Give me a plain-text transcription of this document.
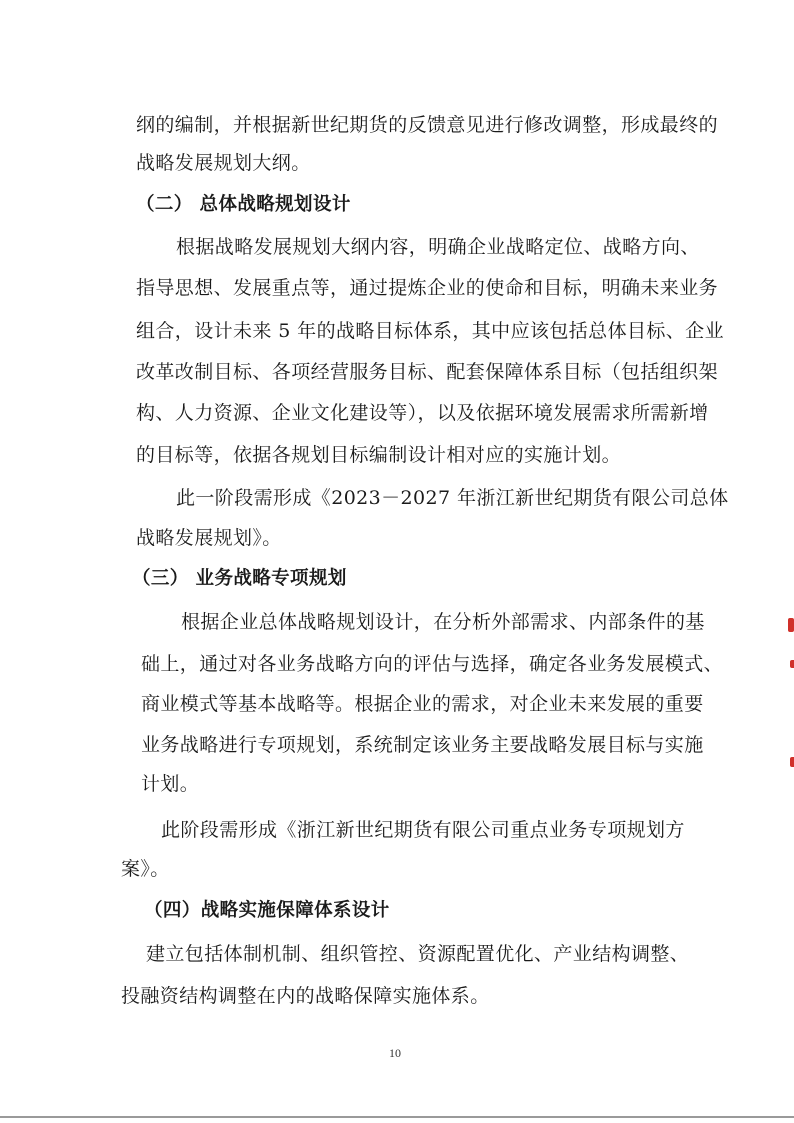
纲的编制，并根据新世纪期货的反馈意见进行修改调整，形成最终的
战略发展规划大纲。
（二） 总体战略规划设计
根据战略发展规划大纲内容，明确企业战略定位、战略方向、
指导思想、发展重点等，通过提炼企业的使命和目标，明确未来业务
组合，设计未来 5 年的战略目标体系，其中应该包括总体目标、企业
改革改制目标、各项经营服务目标、配套保障体系目标（包括组织架
构、人力资源、企业文化建设等），以及依据环境发展需求所需新增
的目标等，依据各规划目标编制设计相对应的实施计划。
此一阶段需形成《2023－2027 年浙江新世纪期货有限公司总体
战略发展规划》。
（三） 业务战略专项规划
根据企业总体战略规划设计，在分析外部需求、内部条件的基
础上，通过对各业务战略方向的评估与选择，确定各业务发展模式、
商业模式等基本战略等。根据企业的需求，对企业未来发展的重要
业务战略进行专项规划，系统制定该业务主要战略发展目标与实施
计划。
此阶段需形成《浙江新世纪期货有限公司重点业务专项规划方
案》。
（四）战略实施保障体系设计
建立包括体制机制、组织管控、资源配置优化、产业结构调整、
投融资结构调整在内的战略保障实施体系。
10
